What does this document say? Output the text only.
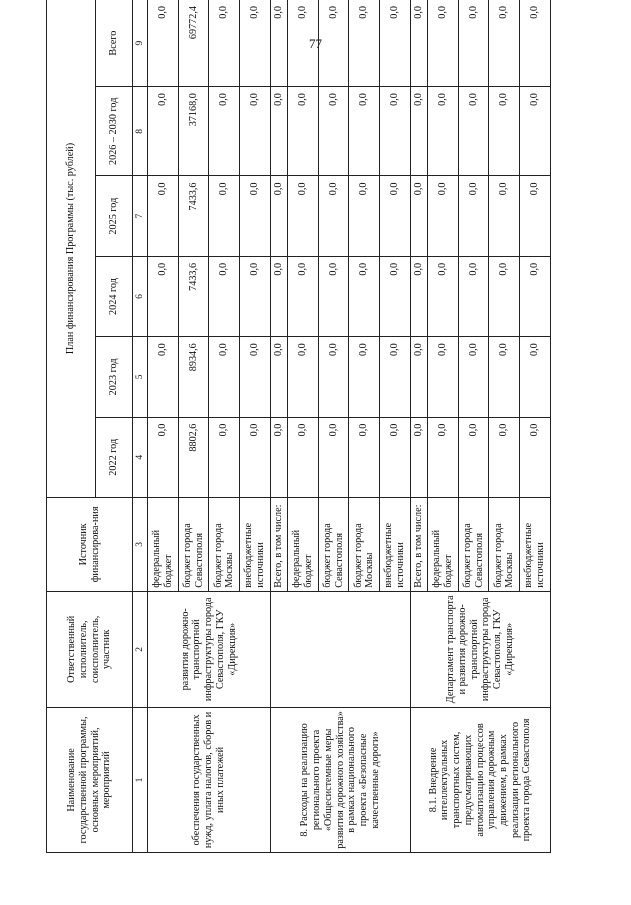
77
Наименование государственной программы, основных мероприятий, мероприятий	Ответственный исполнитель, соисполнитель, участник	Источник финансирова-ния	План финансирования Программы (тыс. рублей)					
			2022 год	2023 год	2024 год	2025 год	2026 – 2030 год	Всего
1	2	3	4	5	6	7	8	9
обеспечения государственных нужд, уплата налогов, сборов и иных платежей	развития дорожно-транспортной инфраструктуры города Севастополя, ГКУ «Дирекция»	федеральный бюджет	0,0	0,0	0,0	0,0	0,0	0,0
		бюджет города Севастополя	8802,6	8934,6	7433,6	7433,6	37168,0	69772,4
		бюджет города Москвы	0,0	0,0	0,0	0,0	0,0	0,0
		внебюджетные источники	0,0	0,0	0,0	0,0	0,0	0,0
8. Расходы на реализацию регионального проекта «Общесистемные меры развития дорожного хозяйства» в рамках национального проекта «Безопасные качественные дороги»		Всего, в том числе:	0,0	0,0	0,0	0,0	0,0	0,0
		федеральный бюджет	0,0	0,0	0,0	0,0	0,0	0,0
		бюджет города Севастополя	0,0	0,0	0,0	0,0	0,0	0,0
		бюджет города Москвы	0,0	0,0	0,0	0,0	0,0	0,0
		внебюджетные источники	0,0	0,0	0,0	0,0	0,0	0,0
8.1. Внедрение интеллектуальных транспортных систем, предусматривающих автоматизацию процессов управления дорожным движением, в рамках реализации регионального проекта города Севастополя	Департамент транспорта и развития дорожно-транспортной инфраструктуры города Севастополя, ГКУ «Дирекция»	Всего, в том числе:	0,0	0,0	0,0	0,0	0,0	0,0
		федеральный бюджет	0,0	0,0	0,0	0,0	0,0	0,0
		бюджет города Севастополя	0,0	0,0	0,0	0,0	0,0	0,0
		бюджет города Москвы	0,0	0,0	0,0	0,0	0,0	0,0
		внебюджетные источники	0,0	0,0	0,0	0,0	0,0	0,0
